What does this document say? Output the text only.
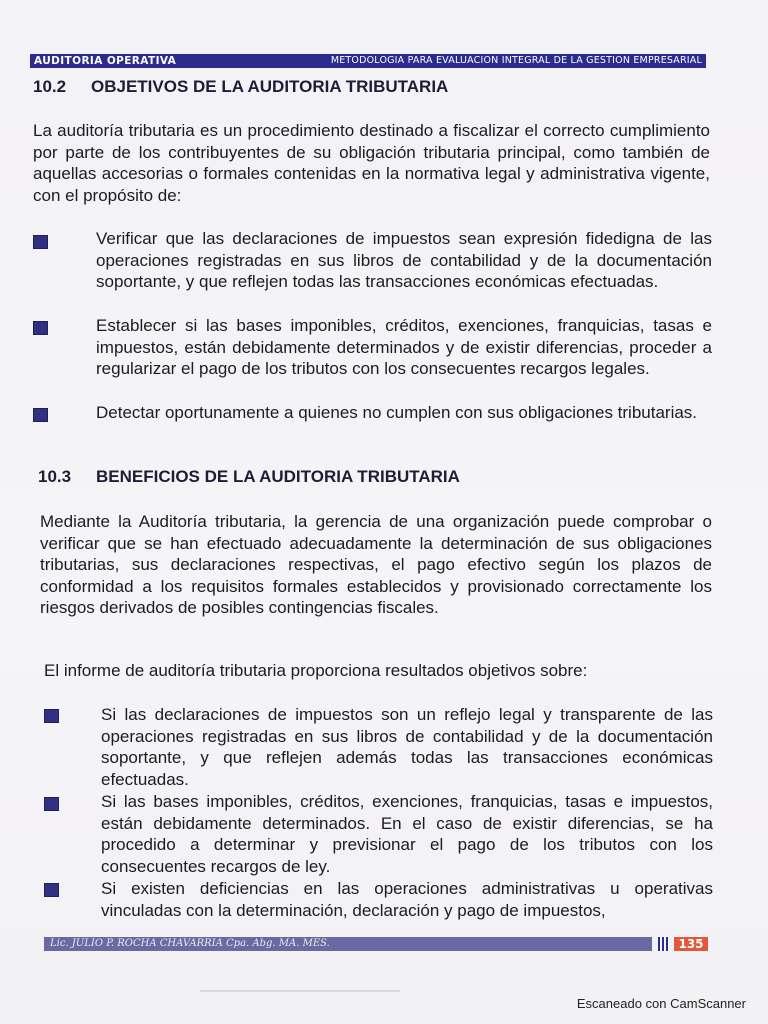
AUDITORIA OPERATIVA	METODOLOGIA PARA EVALUACION INTEGRAL DE LA GESTION EMPRESARIAL
10.2 OBJETIVOS DE LA AUDITORIA TRIBUTARIA
La auditoría tributaria es un procedimiento destinado a fiscalizar el correcto cumplimiento por parte de los contribuyentes de su obligación tributaria principal, como también de aquellas accesorias o formales contenidas en la normativa legal y administrativa vigente, con el propósito de:
Verificar que las declaraciones de impuestos sean expresión fidedigna de las operaciones registradas en sus libros de contabilidad y de la documentación soportante, y que reflejen todas las transacciones económicas efectuadas.
Establecer si las bases imponibles, créditos, exenciones, franquicias, tasas e impuestos, están debidamente determinados y de existir diferencias, proceder a regularizar el pago de los tributos con los consecuentes recargos legales.
Detectar oportunamente a quienes no cumplen con sus obligaciones tributarias.
10.3 BENEFICIOS DE LA AUDITORIA TRIBUTARIA
Mediante la Auditoría tributaria, la gerencia de una organización puede comprobar o verificar que se han efectuado adecuadamente la determinación de sus obligaciones tributarias, sus declaraciones respectivas, el pago efectivo según los plazos de conformidad a los requisitos formales establecidos y provisionado correctamente los riesgos derivados de posibles contingencias fiscales.
El informe de auditoría tributaria proporciona resultados objetivos sobre:
Si las declaraciones de impuestos son un reflejo legal y transparente de las operaciones registradas en sus libros de contabilidad y de la documentación soportante, y que reflejen además todas las transacciones económicas efectuadas.
Si las bases imponibles, créditos, exenciones, franquicias, tasas e impuestos, están debidamente determinados. En el caso de existir diferencias, se ha procedido a determinar y previsionar el pago de los tributos con los consecuentes recargos de ley.
Si existen deficiencias en las operaciones administrativas u operativas vinculadas con la determinación, declaración y pago de impuestos,
Lic. JULIO P. ROCHA CHAVARRIA Cpa. Abg. MA. MES.	135
Escaneado con CamScanner
